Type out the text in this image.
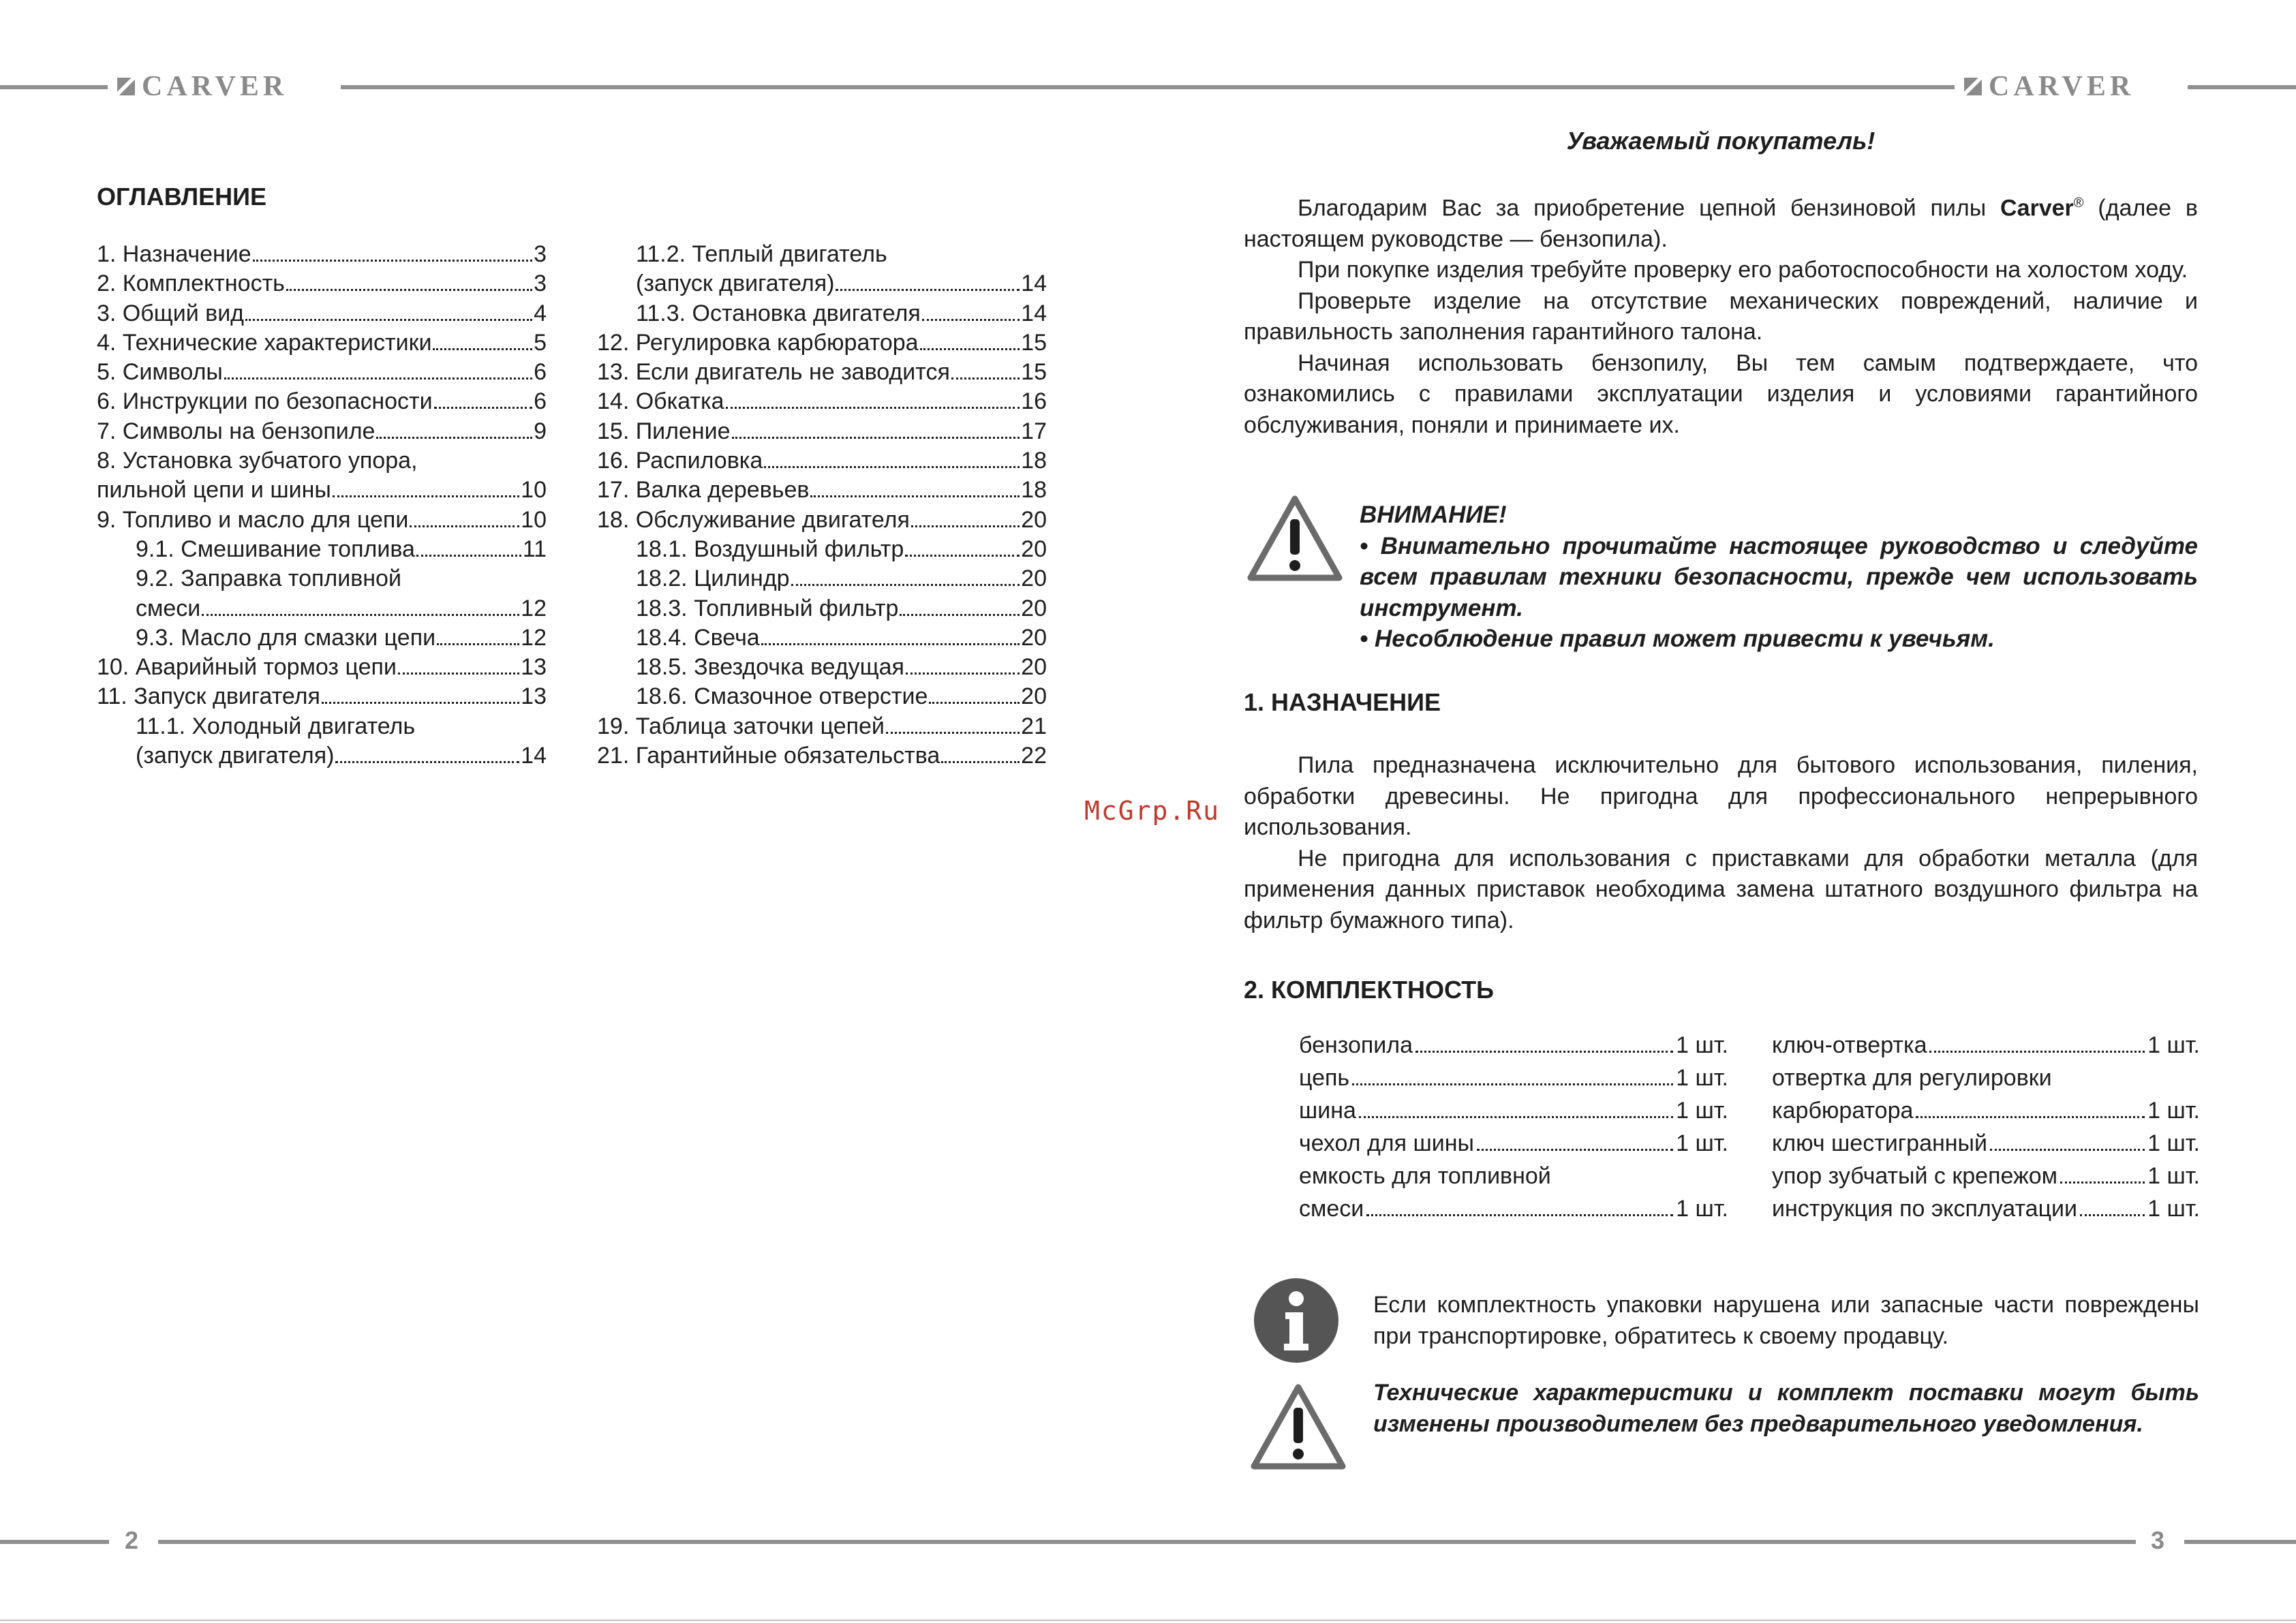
CARVER	CARVER
2	3
ОГЛАВЛЕНИЕ
1. Назначение	3
2. Комплектность	3
3. Общий вид	4
4. Технические характеристики	5
5. Символы	6
6. Инструкции по безопасности	6
7. Символы на бензопиле	9
8. Установка зубчатого упора,
пильной цепи и шины	10
9. Топливо и масло для цепи	10
9.1. Смешивание топлива	11
9.2. Заправка топливной
смеси	12
9.3. Масло для смазки цепи	12
10. Аварийный тормоз цепи	13
11. Запуск двигателя	13
11.1. Холодный двигатель
(запуск двигателя)	14
11.2. Теплый двигатель
(запуск двигателя)	14
11.3. Остановка двигателя	14
12. Регулировка карбюратора	15
13. Если двигатель не заводится	15
14. Обкатка	16
15. Пиление	17
16. Распиловка	18
17. Валка деревьев	18
18. Обслуживание двигателя	20
18.1. Воздушный фильтр	20
18.2. Цилиндр	20
18.3. Топливный фильтр	20
18.4. Свеча	20
18.5. Звездочка ведущая	20
18.6. Смазочное отверстие	20
19. Таблица заточки цепей	21
21. Гарантийные обязательства	22
McGrp.Ru
Уважаемый покупатель!

Благодарим Вас за приобретение цепной бензиновой пилы Carver® (далее в настоящем руководстве — бензопила).

При покупке изделия требуйте проверку его работоспособности на холостом ходу.

Проверьте изделие на отсутствие механических повреждений, наличие и правильность заполнения гарантийного талона.

Начиная использовать бензопилу, Вы тем самым подтверждаете, что ознакомились с правилами эксплуатации изделия и условиями гарантийного обслуживания, поняли и принимаете их.

ВНИМАНИЕ!
• Внимательно прочитайте настоящее руководство и следуйте всем правилам техники безопасности, прежде чем использовать инструмент.
• Несоблюдение правил может привести к увечьям.
1. НАЗНАЧЕНИЕ

Пила предназначена исключительно для бытового использования, пиления, обработки древесины. Не пригодна для профессионального непрерывного использования.

Не пригодна для использования с приставками для обработки металла (для применения данных приставок необходима замена штатного воздушного фильтра на фильтр бумажного типа).

2. КОМПЛЕКТНОСТЬ
бензопила	1 шт.
цепь	1 шт.
шина	1 шт.
чехол для шины	1 шт.
емкость для топливной
смеси	1 шт.
ключ-отвертка	1 шт.
отвертка для регулировки
карбюратора	1 шт.
ключ шестигранный	1 шт.
упор зубчатый с крепежом	1 шт.
инструкция по эксплуатации	1 шт.

Если комплектность упаковки нарушена или запасные части повреждены при транспортировке, обратитесь к своему продавцу.

Технические характеристики и комплект поставки могут быть изменены производителем без предварительного уведомления.
